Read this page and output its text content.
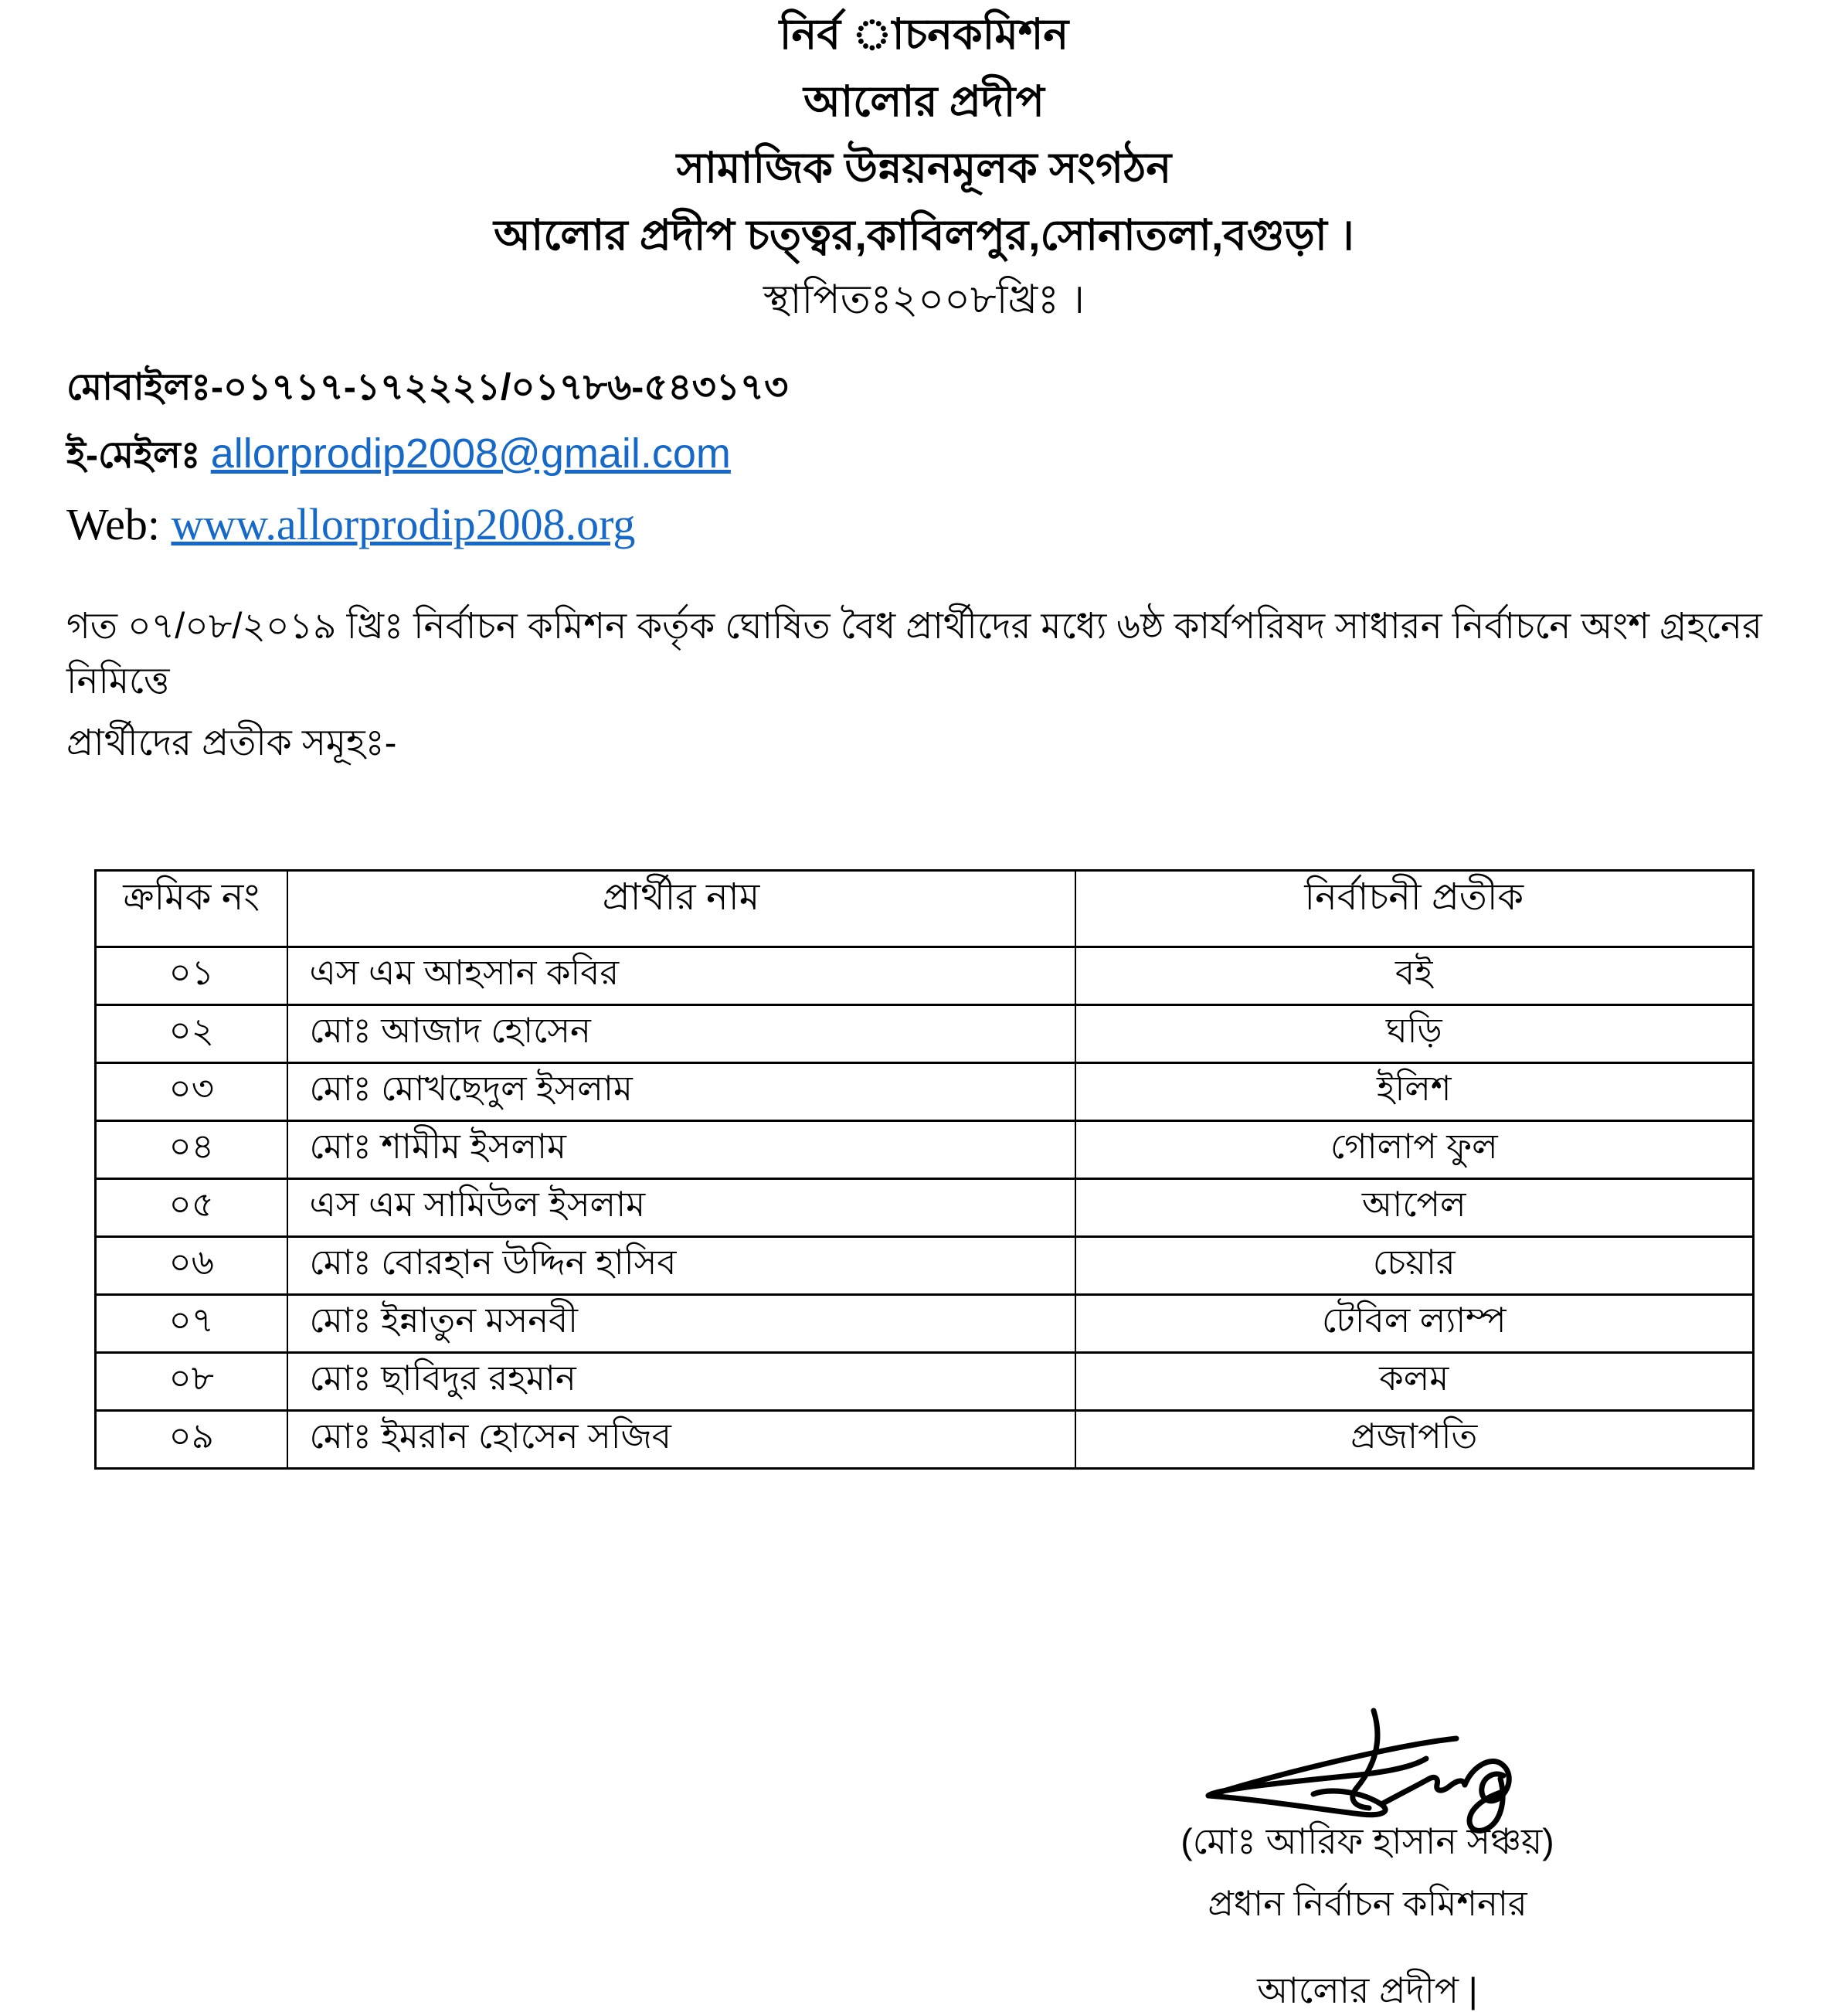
নির্ব াচনকমিশন

আলোর প্রদীপ

সামাজিক উন্নয়নমূলক সংগঠন

আলোর প্রদীপ চত্ত্বর,কাবিলপুর,সোনাতলা,বগুড়া ।

স্থাপিতঃ২০০৮খ্রিঃ ।

মোবাইলঃ-০১৭১৭-১৭২২২১/০১৭৮৬-৫৪৩১৭৩

ই-মেইলঃ allorprodip2008@gmail.com

Web: www.allorprodip2008.org

গত ০৭/০৮/২০১৯ খ্রিঃ নির্বাচন কমিশন কর্তৃক ঘোষিত বৈধ প্রার্থীদের মধ্যে ৬ষ্ঠ কার্যপরিষদ সাধারন নির্বাচনে অংশ গ্রহনের নিমিত্তে
প্রার্থীদের প্রতীক সমূহঃ-
ক্রমিক নং	প্রার্থীর নাম	নির্বাচনী প্রতীক
০১	এস এম আহসান কবির	বই
০২	মোঃ আজাদ হোসেন	ঘড়ি
০৩	মোঃ মোখছেদুল ইসলাম	ইলিশ
০৪	মোঃ শামীম ইসলাম	গোলাপ ফুল
০৫	এস এম সামিউল ইসলাম	আপেল
০৬	মোঃ বোরহান উদ্দিন হাসিব	চেয়ার
০৭	মোঃ ইন্নাতুন মসনবী	টেবিল ল্যাম্প
০৮	মোঃ ছাবিদুর রহমান	কলম
০৯	মোঃ ইমরান হোসেন সজিব	প্রজাপতি

(মোঃ আরিফ হাসান সঞ্চয়)

প্রধান নির্বাচন কমিশনার

আলোর প্রদীপ |
